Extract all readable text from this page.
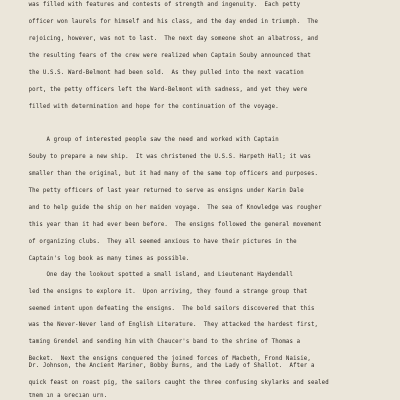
was filled with features and contests of strength and ingenuity.  Each petty
officer won laurels for himself and his class, and the day ended in triumph.  The
rejoicing, however, was not to last.  The next day someone shot an albatross, and
the resulting fears of the crew were realized when Captain Souby announced that
the U.S.S. Ward-Belmont had been sold.  As they pulled into the next vacation
port, the petty officers left the Ward-Belmont with sadness, and yet they were
filled with determination and hope for the continuation of the voyage.
A group of interested people saw the need and worked with Captain
Souby to prepare a new ship.  It was christened the U.S.S. Harpeth Hall; it was
smaller than the original, but it had many of the same top officers and purposes.
The petty officers of last year returned to serve as ensigns under Karin Dale
and to help guide the ship on her maiden voyage.  The sea of Knowledge was rougher
this year than it had ever been before.  The ensigns followed the general movement
of organizing clubs.  They all seemed anxious to have their pictures in the
Captain's log book as many times as possible.
One day the lookout spotted a small island, and Lieutenant Haydendall
led the ensigns to explore it.  Upon arriving, they found a strange group that
seemed intent upon defeating the ensigns.  The bold sailors discovered that this
was the Never-Never land of English Literature.  They attacked the hardest first,
taming Grendel and sending him with Chaucer's band to the shrine of Thomas a
Becket.  Next the ensigns conquered the joined forces of Macbeth, Frond Naisie,
Dr. Johnson, the Ancient Mariner, Bobby Burns, and the Lady of Shallot.  After a
quick feast on roast pig, the sailors caught the three confusing skylarks and sealed
them in a Grecian urn.
